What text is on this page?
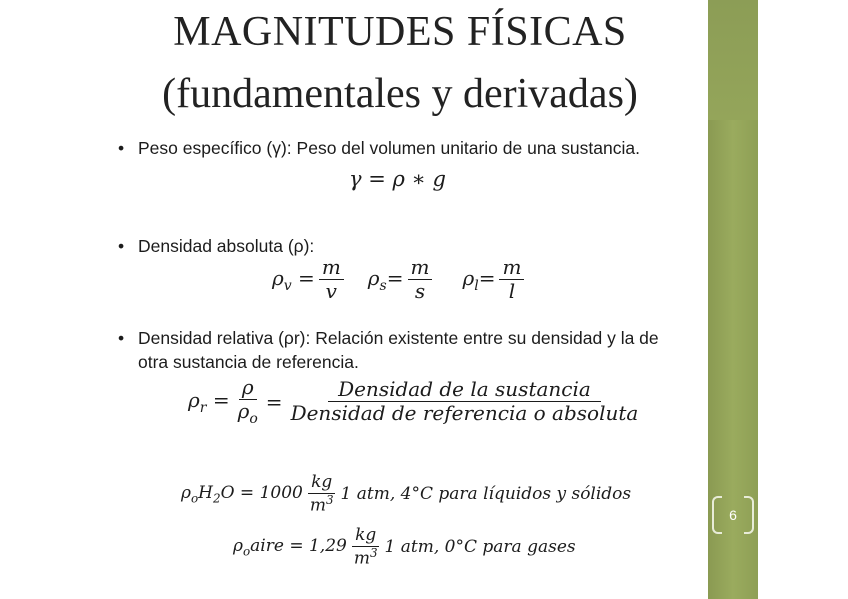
6
MAGNITUDES FÍSICAS
(fundamentales y derivadas)
• Peso específico (γ): Peso del volumen unitario de una sustancia.
γ = ρ ∗ g
• Densidad absoluta (ρ):
$\rho_v = \frac{m}{v} \rho_s= \frac{m}{s} \rho_l= \frac{m}{l}$
• Densidad relativa (ρr): Relación existente entre su densidad y la de
otra sustancia de referencia.
$\rho_r = \frac{\rho}{\rho_o} = \frac{\text{Densidad de la sustancia}}{\text{Densidad de referencia o absoluta}}$
$\rho_oH_2O = 1000 \frac{kg}{m^3} 1$ atm, 4°C para líquidos y sólidos
$\rho_oaire = 1,29 \frac{kg}{m^3} 1$ atm, 0°C para gases
